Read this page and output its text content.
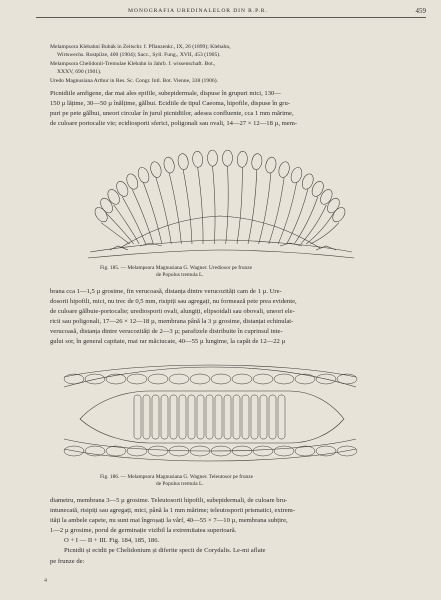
MONOGRAFIA UREDINALELOR DIN R.P.R.	459

Melampsora Klebahni Bubák in Zeitschr. f. Pflanzenkr., IX, 26 (1899); Klebahn,

Wirtswechs. Rostpilze, 400 (1904); Sacc., Syll. Fung., XVII, 453 (1905).

Melampsora Chelidonii-Tremulae Klebahn in Jahrb. f. wissenschaft. Bot.,

XXXV, 690 (1901).

Uredo Magnusiana Arthur in Res. Sc. Congr. Intl. Bot. Vienne, 338 (1906).

Picnidiile amfigene, dar mai ales epifile, subepidermale, dispuse în grupuri mici, 130—

150 µ lățime, 30—50 µ înălțime, gălbui. Ecidiile de tipul Caeoma, hipofile, dispuse în gru-

puri pe pete gălbui, uneori circular în jurul picnidiilor, adesea confluente, cca 1 mm mărime,

de culoare portocalie vie; ecidiosporii sferici, poligonali sau ovali, 14—27 × 12—18 µ, mem-

Fig. 185. — Melampsora Magnusiana G. Wagner. Urediosor pe frunze

de Populus tremula L.

brana cca 1—1,5 µ grosime, fin verucoasă, distanța dintre verucozități cam de 1 µ. Ure-

dosorii hipofili, mici, nu trec de 0,5 mm, risipiți sau agregați, nu formează pete prea evidente,

de culoare gălbuie-portocalie; urediosporii ovali, alungiți, elipsoidali sau obovali, uneori ele-

ricii sau poligonali, 17—26 × 12—18 µ, membrana până la 3 µ grosime, distanțat echinulat-

verucoasă, distanța dintre verucozități de 2—3 µ; parafizele distribuite în cuprinsul inte-

gului sor, în general capitate, mai rar măciucate, 40—55 µ lungime, la capăt de 12—22 µ

Fig. 186. — Melampsora Magnusiana G. Wagner. Teleutosor pe frunze

de Populus tremula L.

diametru, membrana 3—5 µ grosime. Teleutosorii hipofili, subepidermali, de culoare bru-

intunecată, risipiți sau agregați, mici, până la 1 mm mărime; teleutosporii prismatici, extrem-

ități la ambele capete, nu sunt mai îngroșați la vârf, 40—55 × 7—10 µ, membrana subțire,

1—2 µ grosime, porul de germinație vizibil la extremitatea superioară.

O + I — II + III. Fig. 184, 185, 186.

Picnidii și ecidii pe Chelidonium și diferite specii de Corydalis. Le-mi aflate

pe frunze de:

4
